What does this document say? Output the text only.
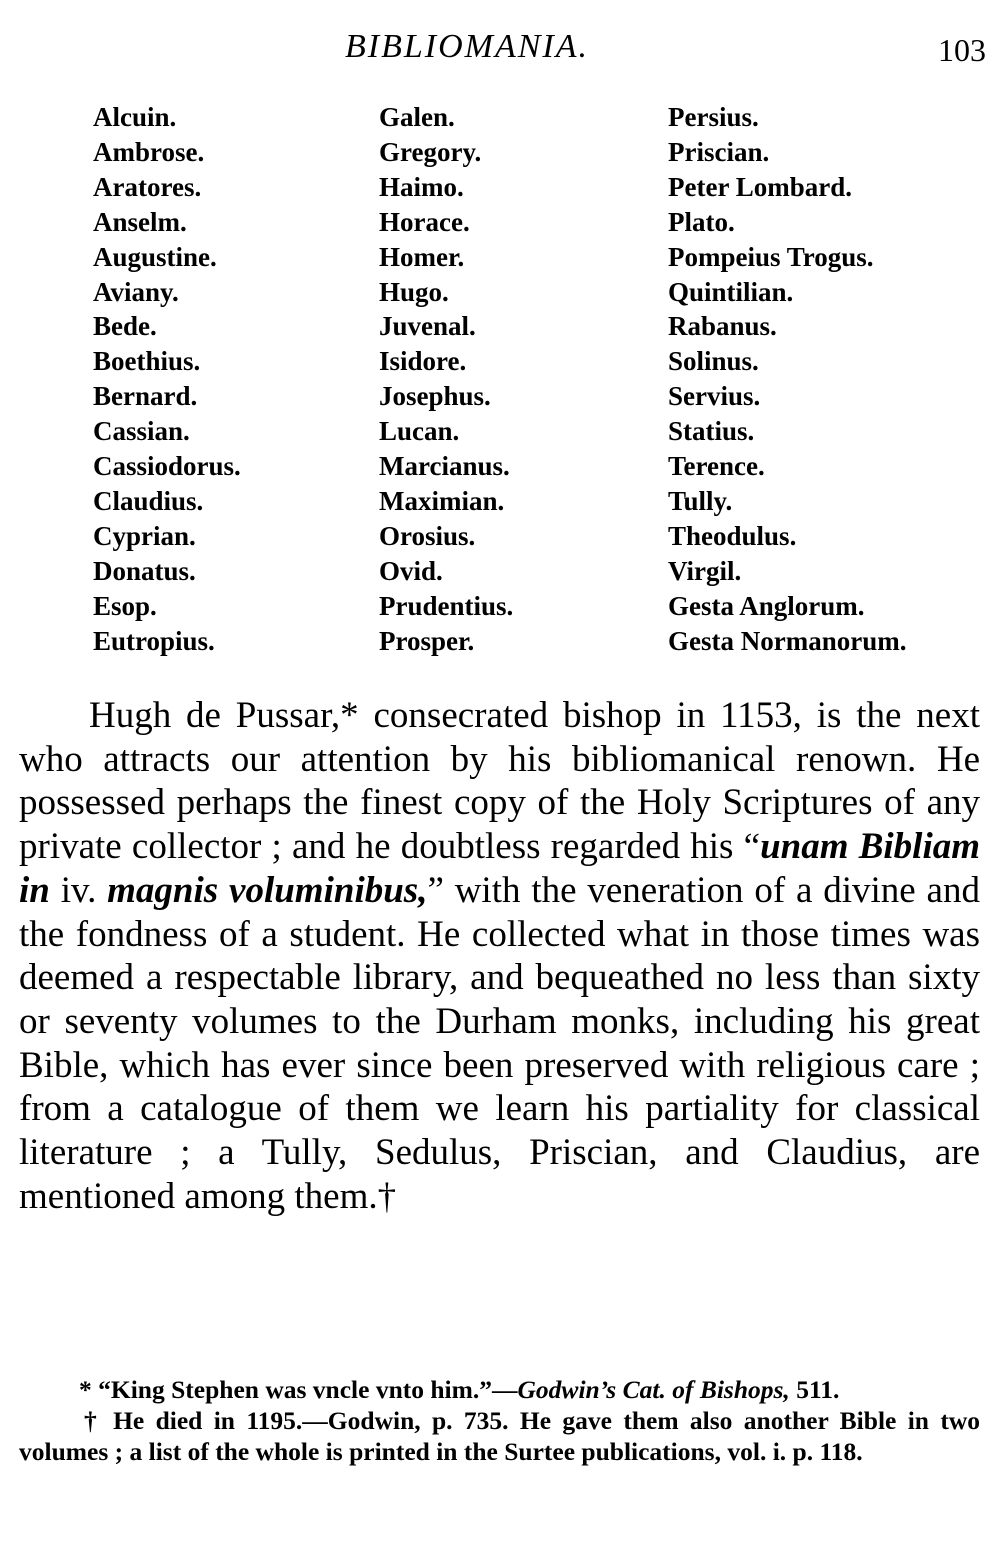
BIBLIOMANIA.	103
Alcuin.
Ambrose.
Aratores.
Anselm.
Augustine.
Aviany.
Bede.
Boethius.
Bernard.
Cassian.
Cassiodorus.
Claudius.
Cyprian.
Donatus.
Esop.
Eutropius.
Galen.
Gregory.
Haimo.
Horace.
Homer.
Hugo.
Juvenal.
Isidore.
Josephus.
Lucan.
Marcianus.
Maximian.
Orosius.
Ovid.
Prudentius.
Prosper.
Persius.
Priscian.
Peter Lombard.
Plato.
Pompeius Trogus.
Quintilian.
Rabanus.
Solinus.
Servius.
Statius.
Terence.
Tully.
Theodulus.
Virgil.
Gesta Anglorum.
Gesta Normanorum.

Hugh de Pussar,* consecrated bishop in 1153, is the next who attracts our attention by his bibliomanical renown. He possessed perhaps the finest copy of the Holy Scriptures of any private collector ; and he doubtless regarded his “unam Bibliam in iv. magnis voluminibus,” with the veneration of a divine and the fondness of a student. He collected what in those times was deemed a respectable library, and bequeathed no less than sixty or seventy volumes to the Durham monks, including his great Bible, which has ever since been preserved with religious care ; from a catalogue of them we learn his partiality for classical literature ; a Tully, Sedulus, Priscian, and Claudius, are mentioned among them.†

* “King Stephen was vncle vnto him.”—Godwin’s Cat. of Bishops, 511.

† He died in 1195.—Godwin, p. 735. He gave them also another Bible in two volumes ; a list of the whole is printed in the Surtee publications, vol. i. p. 118.
